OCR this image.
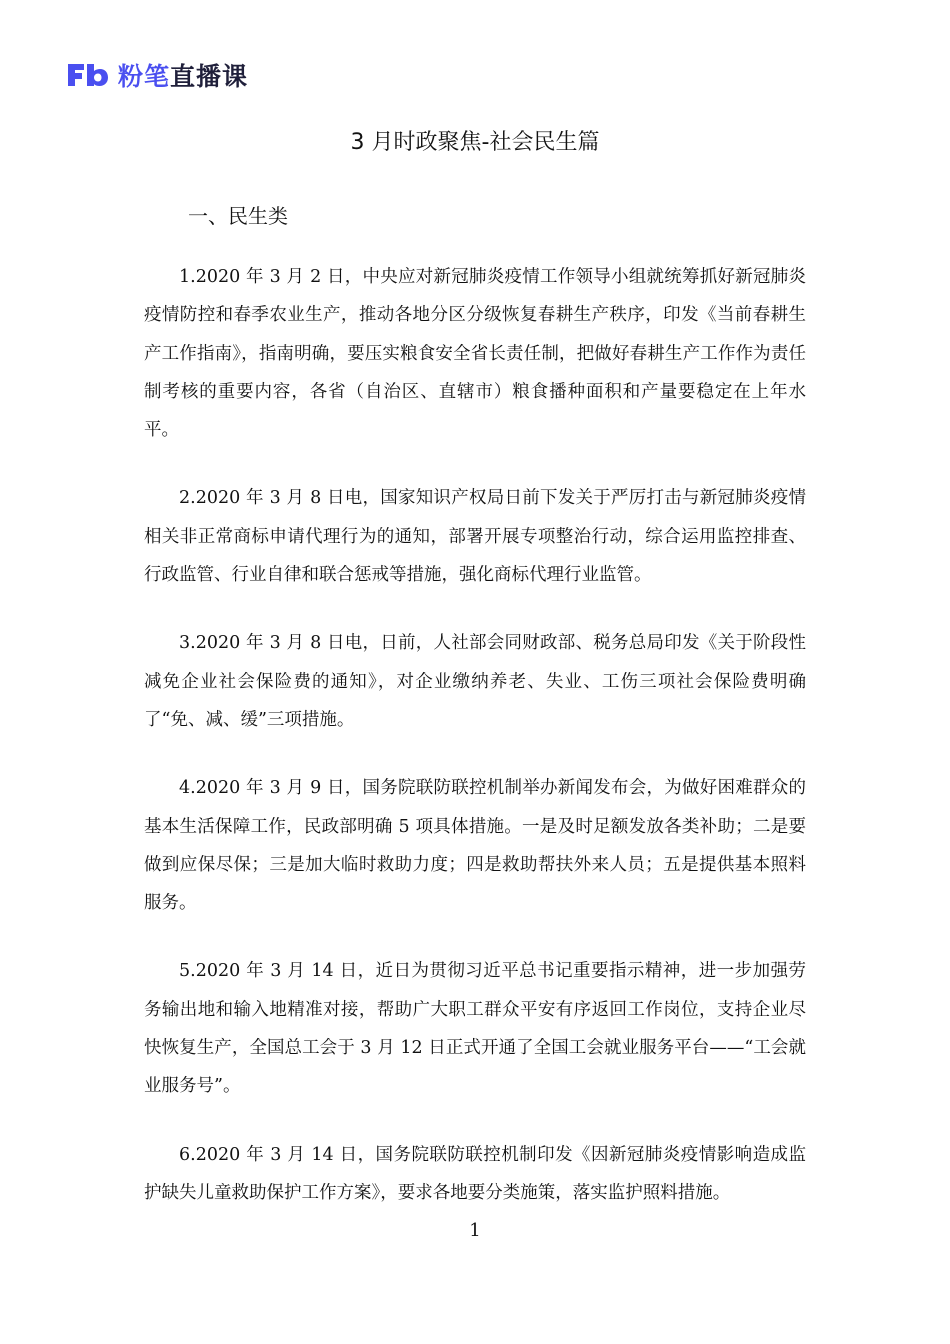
粉笔 直播课
3 月时政聚焦-社会民生篇
一、民生类

1.2020 年 3 月 2 日，中央应对新冠肺炎疫情工作领导小组就统筹抓好新冠肺炎疫情防控和春季农业生产，推动各地分区分级恢复春耕生产秩序，印发《当前春耕生产工作指南》，指南明确，要压实粮食安全省长责任制，把做好春耕生产工作作为责任制考核的重要内容，各省（自治区、直辖市）粮食播种面积和产量要稳定在上年水平。

2.2020 年 3 月 8 日电，国家知识产权局日前下发关于严厉打击与新冠肺炎疫情相关非正常商标申请代理行为的通知，部署开展专项整治行动，综合运用监控排查、行政监管、行业自律和联合惩戒等措施，强化商标代理行业监管。

3.2020 年 3 月 8 日电，日前，人社部会同财政部、税务总局印发《关于阶段性减免企业社会保险费的通知》，对企业缴纳养老、失业、工伤三项社会保险费明确了“免、减、缓”三项措施。

4.2020 年 3 月 9 日，国务院联防联控机制举办新闻发布会，为做好困难群众的基本生活保障工作，民政部明确 5 项具体措施。一是及时足额发放各类补助；二是要做到应保尽保；三是加大临时救助力度；四是救助帮扶外来人员；五是提供基本照料服务。

5.2020 年 3 月 14 日，近日为贯彻习近平总书记重要指示精神，进一步加强劳务输出地和输入地精准对接，帮助广大职工群众平安有序返回工作岗位，支持企业尽快恢复生产，全国总工会于 3 月 12 日正式开通了全国工会就业服务平台——“工会就业服务号”。

6.2020 年 3 月 14 日，国务院联防联控机制印发《因新冠肺炎疫情影响造成监护缺失儿童救助保护工作方案》，要求各地要分类施策，落实监护照料措施。

1
